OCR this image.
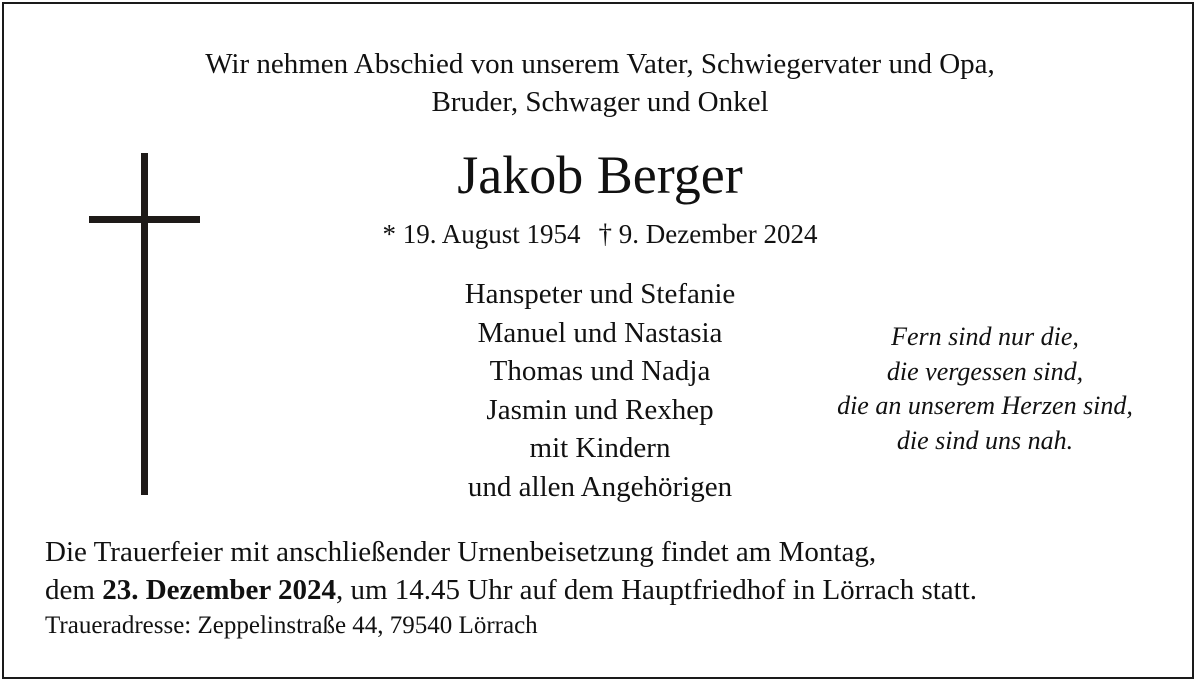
Wir nehmen Abschied von unserem Vater, Schwiegervater und Opa,
Bruder, Schwager und Onkel
Jakob Berger
* 19. August 1954 † 9. Dezember 2024
Hanspeter und Stefanie
Manuel und Nastasia
Thomas und Nadja
Jasmin und Rexhep
mit Kindern
und allen Angehörigen
Fern sind nur die,
die vergessen sind,
die an unserem Herzen sind,
die sind uns nah.
Die Trauerfeier mit anschließender Urnenbeisetzung findet am Montag,
dem 23. Dezember 2024, um 14.45 Uhr auf dem Hauptfriedhof in Lörrach statt.
Traueradresse: Zeppelinstraße 44, 79540 Lörrach
